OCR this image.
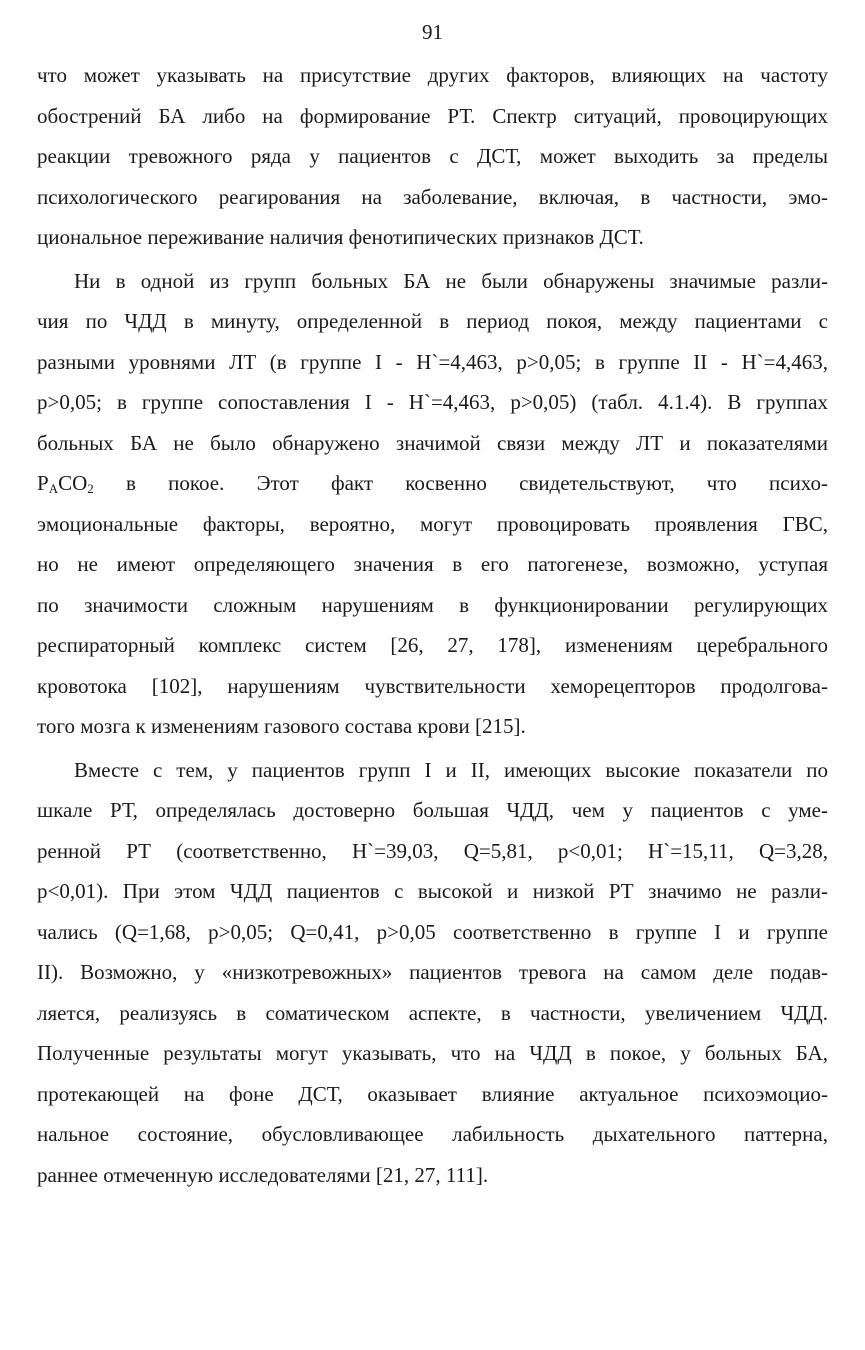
91
что может указывать на присутствие других факторов, влияющих на частоту
обострений БА либо на формирование РТ. Спектр ситуаций, провоцирующих
реакции тревожного ряда у пациентов с ДСТ, может выходить за пределы
психологического реагирования на заболевание, включая, в частности, эмо-
циональное переживание наличия фенотипических признаков ДСТ.
Ни в одной из групп больных БА не были обнаружены значимые разли-
чия по ЧДД в минуту, определенной в период покоя, между пациентами с
разными уровнями ЛТ (в группе I - Н`=4,463, p>0,05; в группе II - Н`=4,463,
p>0,05; в группе сопоставления I - Н`=4,463, p>0,05) (табл. 4.1.4). В группах
больных БА не было обнаружено значимой связи между ЛТ и показателями
$P_ACO_2$ в покое. Этот факт косвенно свидетельствуют, что психо-
эмоциональные факторы, вероятно, могут провоцировать проявления ГВС,
но не имеют определяющего значения в его патогенезе, возможно, уступая
по значимости сложным нарушениям в функционировании регулирующих
респираторный комплекс систем [26, 27, 178], изменениям церебрального
кровотока [102], нарушениям чувствительности хеморецепторов продолгова-
того мозга к изменениям газового состава крови [215].
Вместе с тем, у пациентов групп I и II, имеющих высокие показатели по
шкале РТ, определялась достоверно большая ЧДД, чем у пациентов с уме-
ренной РТ (соответственно, Н`=39,03, Q=5,81, p<0,01; Н`=15,11, Q=3,28,
p<0,01). При этом ЧДД пациентов с высокой и низкой РТ значимо не разли-
чались (Q=1,68, p>0,05; Q=0,41, p>0,05 соответственно в группе I и группе
II). Возможно, у «низкотревожных» пациентов тревога на самом деле подав-
ляется, реализуясь в соматическом аспекте, в частности, увеличением ЧДД.
Полученные результаты могут указывать, что на ЧДД в покое, у больных БА,
протекающей на фоне ДСТ, оказывает влияние актуальное психоэмоцио-
нальное состояние, обусловливающее лабильность дыхательного паттерна,
раннее отмеченную исследователями [21, 27, 111].
